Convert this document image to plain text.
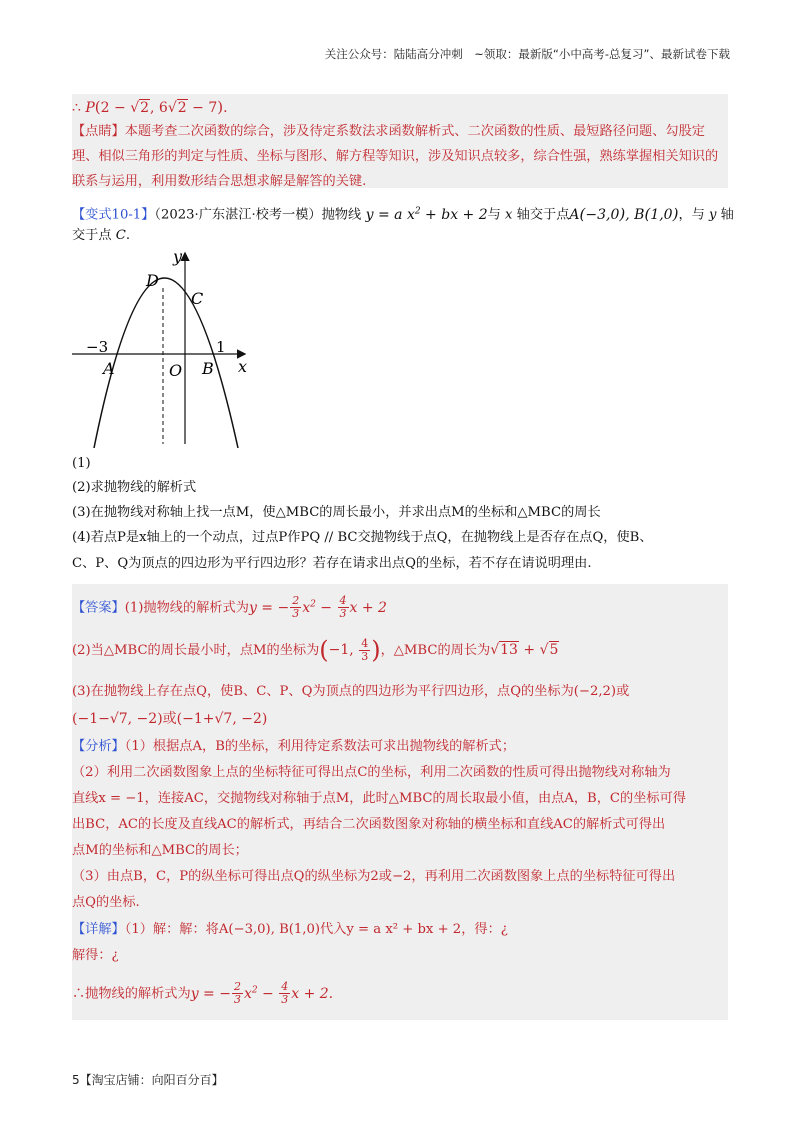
关注公众号：陆陆高分冲刺　~领取：最新版“小中高考-总复习”、最新试卷下载
∴ P(2 − √2, 6√2 − 7).
【点睛】本题考查二次函数的综合，涉及待定系数法求函数解析式、二次函数的性质、最短路径问题、勾股定理、相似三角形的判定与性质、坐标与图形、解方程等知识，涉及知识点较多，综合性强，熟练掌握相关知识的联系与运用，利用数形结合思想求解是解答的关键.
【变式10-1】（2023·广东湛江·校考一模）抛物线 y = a $x^2$ + bx + 2与 x 轴交于点A(−3,0), B(1,0)，与 y 轴
交于点 C.
y
D
C
−3	1
x
A	O B
(1)
(2)求抛物线的解析式
(3)在抛物线对称轴上找一点M，使△MBC的周长最小，并求出点M的坐标和△MBC的周长
(4)若点P是x轴上的一个动点，过点P作PQ // BC交抛物线于点Q，在抛物线上是否存在点Q，使B、
C、P、Q为顶点的四边形为平行四边形？若存在请求出点Q的坐标，若不存在请说明理由.
【答案】(1)抛物线的解析式为y = − $\frac{2}{3} x^2 - \frac{4}{3}$ x + 2
(2)当△MBC的周长最小时，点M的坐标为(−1, $\frac{4}{3}$ )，△MBC的周长为√13 + √5
(3)在抛物线上存在点Q，使B、C、P、Q为顶点的四边形为平行四边形，点Q的坐标为(−2,2)或
(−1−√7, −2)或(−1+√7, −2)
【分析】（1）根据点A，B的坐标，利用待定系数法可求出抛物线的解析式；
（2）利用二次函数图象上点的坐标特征可得出点C的坐标，利用二次函数的性质可得出抛物线对称轴为
直线x = −1，连接AC，交抛物线对称轴于点M，此时△MBC的周长取最小值，由点A，B，C的坐标可得
出BC，AC的长度及直线AC的解析式，再结合二次函数图象对称轴的横坐标和直线AC的解析式可得出
点M的坐标和△MBC的周长；
（3）由点B，C，P的纵坐标可得出点Q的纵坐标为2或−2，再利用二次函数图象上点的坐标特征可得出
点Q的坐标.
【详解】（1）解：解：将A(−3,0), B(1,0)代入y = a x² + bx + 2，得：¿
解得：¿
∴抛物线的解析式为y = − $\frac{2}{3} x^2 - \frac{4}{3}$ x + 2.
5【淘宝店铺：向阳百分百】
